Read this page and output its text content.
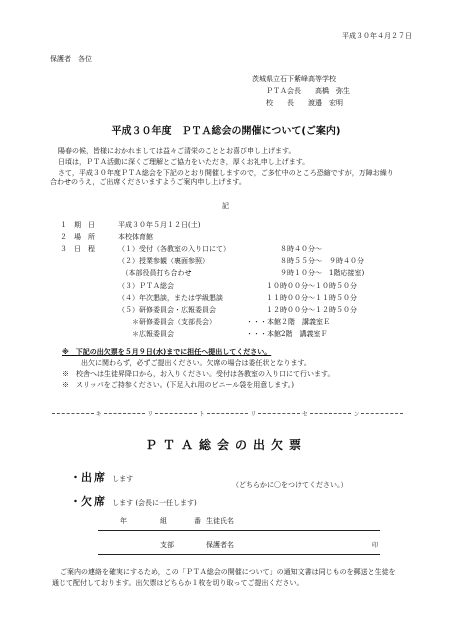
平成３０年４月２７日
保護者　各位
茨城県立石下紫峰高等学校
ＰＴＡ会長　　高橋　弥生
校　　長　　渡邉　宏明
平成３０年度　ＰＴＡ総会の開催について(ご案内)
陽春の候，皆様におかれましては益々ご清栄のこととお喜び申し上げます。
日頃は，ＰＴＡ活動に深くご理解とご協力をいただき，厚くお礼申し上げます。
さて，平成３０年度ＰＴＡ総会を下記のとおり開催しますので，ご多忙中のところ恐縮ですが，万障お繰り合わせのうえ，ご出席くださいますようご案内申し上げます。
記
１　期　日	平成３０年５月１２日(土)
２　場　所	本校体育館
３　日　程	（１）受付（各教室の入り口にて）	８時４０分～
（２）授業参観（裏面参照）	８時５５分～　９時４０分
　（本部役員打ち合わせ	９時１０分～　1階応接室)
（３）ＰＴＡ総会	１０時００分～１０時５０分
（４）年次懇談，または学級懇談	１１時００分～１１時５０分
（５）研修委員会・広報委員会	１２時００分～１２時５０分
＊研修委員会（支部長会）	・・・本館２階　講義室Ｅ
＊広報委員会	・・・本館2階　講義室Ｆ
※　下記の出欠票を５月９日(水)までに担任へ提出してください。
出欠に関わらず，必ずご提出ください。欠席の場合は委任状となります。
※　校舎へは生徒昇降口から，お入りください。受付は各教室の入り口にて行います。
※　スリッパをご持参ください。(下足入れ用のビニール袋を用意します。)
キ	リ	ト	リ	セ	ン
ＰＴＡ総会の出欠票
・出席 します
（どちらかに〇をつけてください。）
・欠席 します (会長に一任します)
年	組	番 生徒氏名
支部	保護者名	印
ご案内の連絡を確実にするため，この「ＰＴＡ総会の開催について」の通知文書は同じものを郵送と生徒を通じて配付しております。出欠票はどちらか１枚を切り取ってご提出ください。
